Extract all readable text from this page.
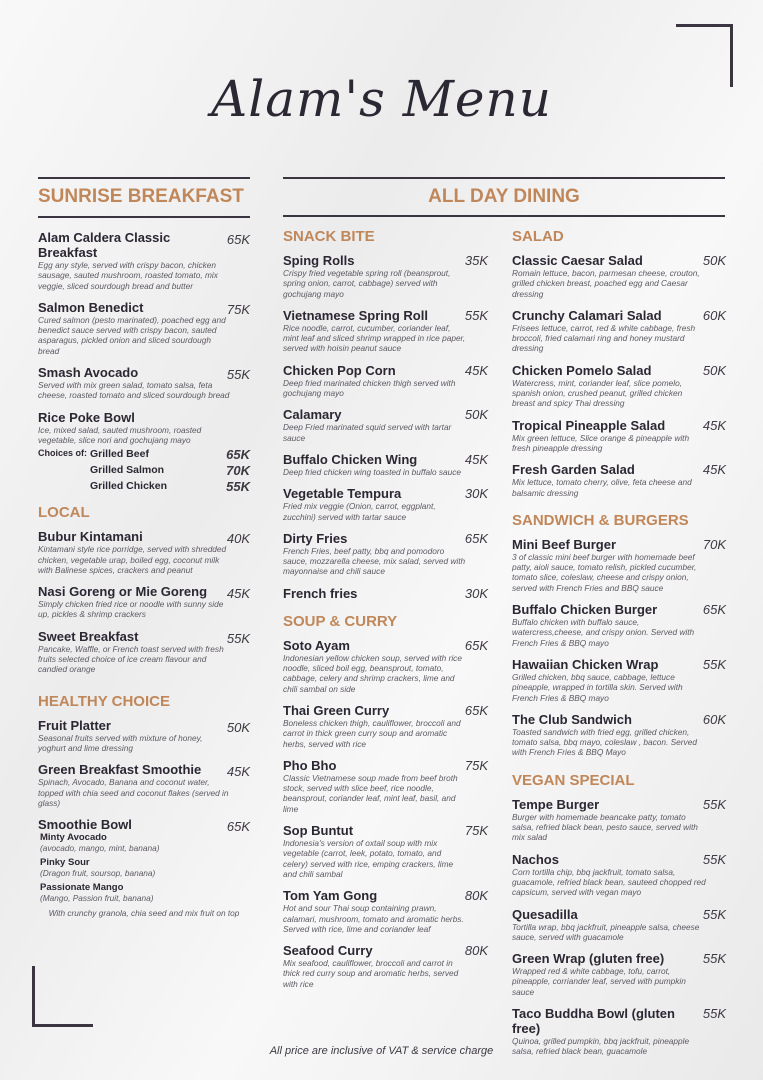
Alam's Menu
SUNRISE BREAKFAST
Alam Caldera Classic Breakfast
Egg any style, served with crispy bacon, chicken sausage, sauted mushroom, roasted tomato, mix veggie, sliced sourdough bread and butter
65K
Salmon Benedict
Cured salmon (pesto marinated), poached egg and benedict sauce served with crispy bacon, sauted asparagus, pickled onion and sliced sourdough bread
75K
Smash Avocado
Served with mix green salad, tomato salsa, feta cheese, roasted tomato and sliced sourdough bread
55K
Rice Poke Bowl
Ice, mixed salad, sauted mushroom, roasted vegetable, slice nori and gochujang mayo
Choices of: Grilled Beef	65K
Grilled Salmon	70K
Grilled Chicken	55K
LOCAL
Bubur Kintamani
Kintamani style rice porridge, served with shredded chicken, vegetable urap, boiled egg, coconut milk with Balinese spices, crackers and peanut
40K
Nasi Goreng or Mie Goreng
Simply chicken fried rice or noodle with sunny side up, pickles & shrimp crackers
45K
Sweet Breakfast
Pancake, Waffle, or French toast served with fresh fruits selected choice of ice cream flavour and candied orange
55K
HEALTHY CHOICE
Fruit Platter
Seasonal fruits served with mixture of honey, yoghurt and lime dressing
50K
Green Breakfast Smoothie
Spinach, Avocado, Banana and coconut water, topped with chia seed and coconut flakes (served in glass)
45K
Smoothie Bowl	65K
Minty Avocado
(avocado, mango, mint, banana)
Pinky Sour
(Dragon fruit, soursop, banana)
Passionate Mango
(Mango, Passion fruit, banana)
With crunchy granola, chia seed and mix fruit on top
ALL DAY DINING
SNACK BITE
Sping Rolls
Crispy fried vegetable spring roll (beansprout, spring onion, carrot, cabbage) served with gochujang mayo
35K
Vietnamese Spring Roll
Rice noodle, carrot, cucumber, coriander leaf, mint leaf and sliced shrimp wrapped in rice paper, served with hoisin peanut sauce
55K
Chicken Pop Corn
Deep fried marinated chicken thigh served with gochujang mayo
45K
Calamary
Deep Fried marinated squid served with tartar sauce
50K
Buffalo Chicken Wing
Deep fried chicken wing toasted in buffalo sauce
45K
Vegetable Tempura
Fried mix veggie (Onion, carrot, eggplant, zucchini) served with tartar sauce
30K
Dirty Fries
French Fries, beef patty, bbq and pomodoro sauce, mozzarella cheese, mix salad, served with mayonnaise and chili sauce
65K
French fries	30K
SOUP & CURRY
Soto Ayam
Indonesian yellow chicken soup, served with rice noodle, sliced boil egg, beansprout, tomato, cabbage, celery and shrimp crackers, lime and chili sambal on side
65K
Thai Green Curry
Boneless chicken thigh, cauliflower, broccoli and carrot in thick green curry soup and aromatic herbs, served with rice
65K
Pho Bho
Classic Vietnamese soup made from beef broth stock, served with slice beef, rice noodle, beansprout, coriander leaf, mint leaf, basil, and lime
75K
Sop Buntut
Indonesia's version of oxtail soup with mix vegetable (carrot, leek, potato, tomato, and celery) served with rice, emping crackers, lime and chili sambal
75K
Tom Yam Gong
Hot and sour Thai soup containing prawn, calamari, mushroom, tomato and aromatic herbs. Served with rice, lime and coriander leaf
80K
Seafood Curry
Mix seafood, cauliflower, broccoli and carrot in thick red curry soup and aromatic herbs, served with rice
80K
SALAD
Classic Caesar Salad
Romain lettuce, bacon, parmesan cheese, crouton, grilled chicken breast, poached egg and Caesar dressing
50K
Crunchy Calamari Salad
Frisees lettuce, carrot, red & white cabbage, fresh broccoli, fried calamari ring and honey mustard dressing
60K
Chicken Pomelo Salad
Watercress, mint, coriander leaf, slice pomelo, spanish onion, crushed peanut, grilled chicken breast and spicy Thai dressing
50K
Tropical Pineapple Salad
Mix green lettuce, Slice orange & pineapple with fresh pineapple dressing
45K
Fresh Garden Salad
Mix lettuce, tomato cherry, olive, feta cheese and balsamic dressing
45K
SANDWICH & BURGERS
Mini Beef Burger
3 of classic mini beef burger with homemade beef patty, aioli sauce, tomato relish, pickled cucumber, tomato slice, coleslaw, cheese and crispy onion, served with French Fries and BBQ sauce
70K
Buffalo Chicken Burger
Buffalo chicken with buffalo sauce, watercress,cheese, and crispy onion. Served with French Fries & BBQ mayo
65K
Hawaiian Chicken Wrap
Grilled chicken, bbq sauce, cabbage, lettuce pineapple, wrapped in tortilla skin. Served with French Fries & BBQ mayo
55K
The Club Sandwich
Toasted sandwich with fried egg, grilled chicken, tomato salsa, bbq mayo, coleslaw , bacon. Served with French Fries & BBQ Mayo
60K
VEGAN SPECIAL
Tempe Burger
Burger with homemade beancake patty, tomato salsa, refried black bean, pesto sauce, served with mix salad
55K
Nachos
Corn tortilla chip, bbq jackfruit, tomato salsa, guacamole, refried black bean, sauteed chopped red capsicum, served with vegan mayo
55K
Quesadilla
Tortilla wrap, bbq jackfruit, pineapple salsa, cheese sauce, served with guacamole
55K
Green Wrap (gluten free)
Wrapped red & white cabbage, tofu, carrot, pineapple, corriander leaf, served with pumpkin sauce
55K
Taco Buddha Bowl (gluten free)
Quinoa, grilled pumpkin, bbq jackfruit, pineapple salsa, refried black bean, guacamole
55K
All price are inclusive of VAT & service charge
